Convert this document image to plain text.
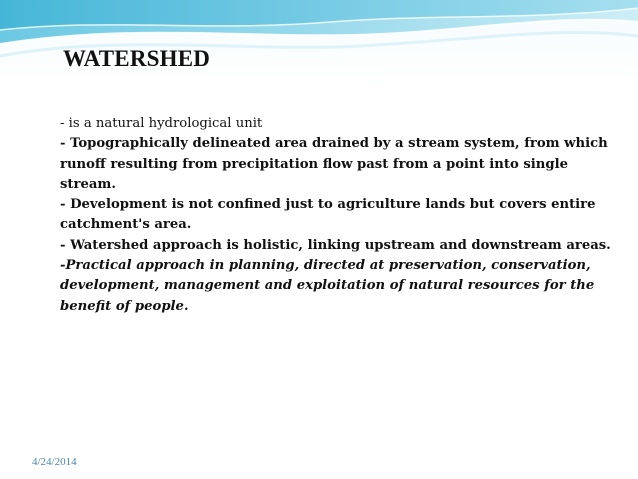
WATERSHED

- is a natural hydrological unit

- Topographically delineated area drained by a stream system, from which runoff resulting from precipitation flow past from a point into single stream.

- Development is not confined just to agriculture lands but covers entire catchment's area.

- Watershed approach is holistic, linking upstream and downstream areas.

-Practical approach in planning, directed at preservation, conservation, development, management and exploitation of natural resources for the benefit of people.

4/24/2014
